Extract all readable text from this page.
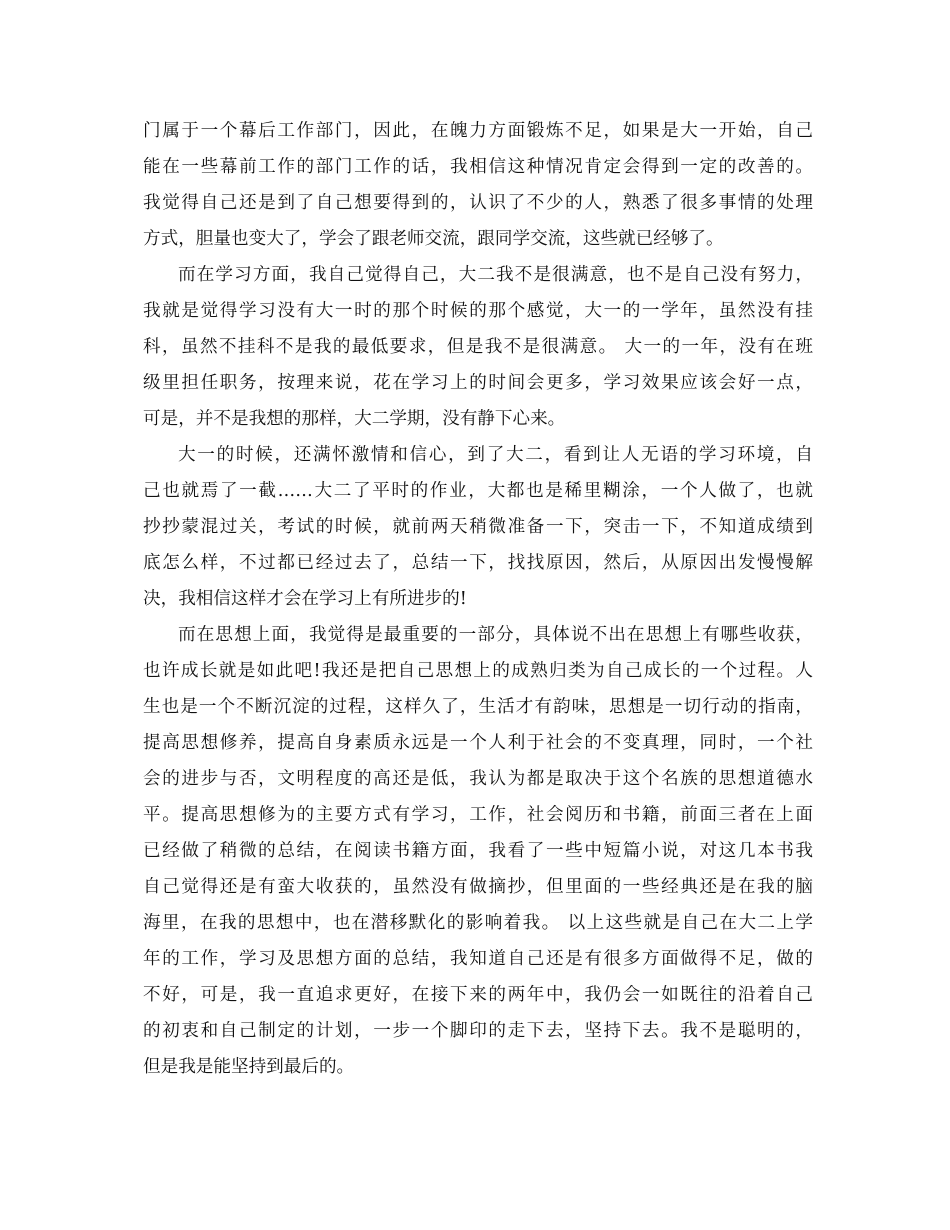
门属于一个幕后工作部门，因此，在魄力方面锻炼不足，如果是大一开始，自己
能在一些幕前工作的部门工作的话，我相信这种情况肯定会得到一定的改善的。
我觉得自己还是到了自己想要得到的，认识了不少的人，熟悉了很多事情的处理
方式，胆量也变大了，学会了跟老师交流，跟同学交流，这些就已经够了。
而在学习方面，我自己觉得自己，大二我不是很满意，也不是自己没有努力，
我就是觉得学习没有大一时的那个时候的那个感觉，大一的一学年，虽然没有挂
科，虽然不挂科不是我的最低要求，但是我不是很满意。 大一的一年，没有在班
级里担任职务，按理来说，花在学习上的时间会更多，学习效果应该会好一点，
可是，并不是我想的那样，大二学期，没有静下心来。
大一的时候，还满怀激情和信心，到了大二，看到让人无语的学习环境，自
己也就焉了一截……大二了平时的作业，大都也是稀里糊涂，一个人做了，也就
抄抄蒙混过关，考试的时候，就前两天稍微准备一下，突击一下，不知道成绩到
底怎么样，不过都已经过去了，总结一下，找找原因，然后，从原因出发慢慢解
决，我相信这样才会在学习上有所进步的!
而在思想上面，我觉得是最重要的一部分，具体说不出在思想上有哪些收获，
也许成长就是如此吧!我还是把自己思想上的成熟归类为自己成长的一个过程。人
生也是一个不断沉淀的过程，这样久了，生活才有韵味，思想是一切行动的指南，
提高思想修养，提高自身素质永远是一个人利于社会的不变真理，同时，一个社
会的进步与否，文明程度的高还是低，我认为都是取决于这个名族的思想道德水
平。提高思想修为的主要方式有学习，工作，社会阅历和书籍，前面三者在上面
已经做了稍微的总结，在阅读书籍方面，我看了一些中短篇小说，对这几本书我
自己觉得还是有蛮大收获的，虽然没有做摘抄，但里面的一些经典还是在我的脑
海里，在我的思想中，也在潜移默化的影响着我。 以上这些就是自己在大二上学
年的工作，学习及思想方面的总结，我知道自己还是有很多方面做得不足，做的
不好，可是，我一直追求更好，在接下来的两年中，我仍会一如既往的沿着自己
的初衷和自己制定的计划，一步一个脚印的走下去，坚持下去。我不是聪明的，
但是我是能坚持到最后的。
